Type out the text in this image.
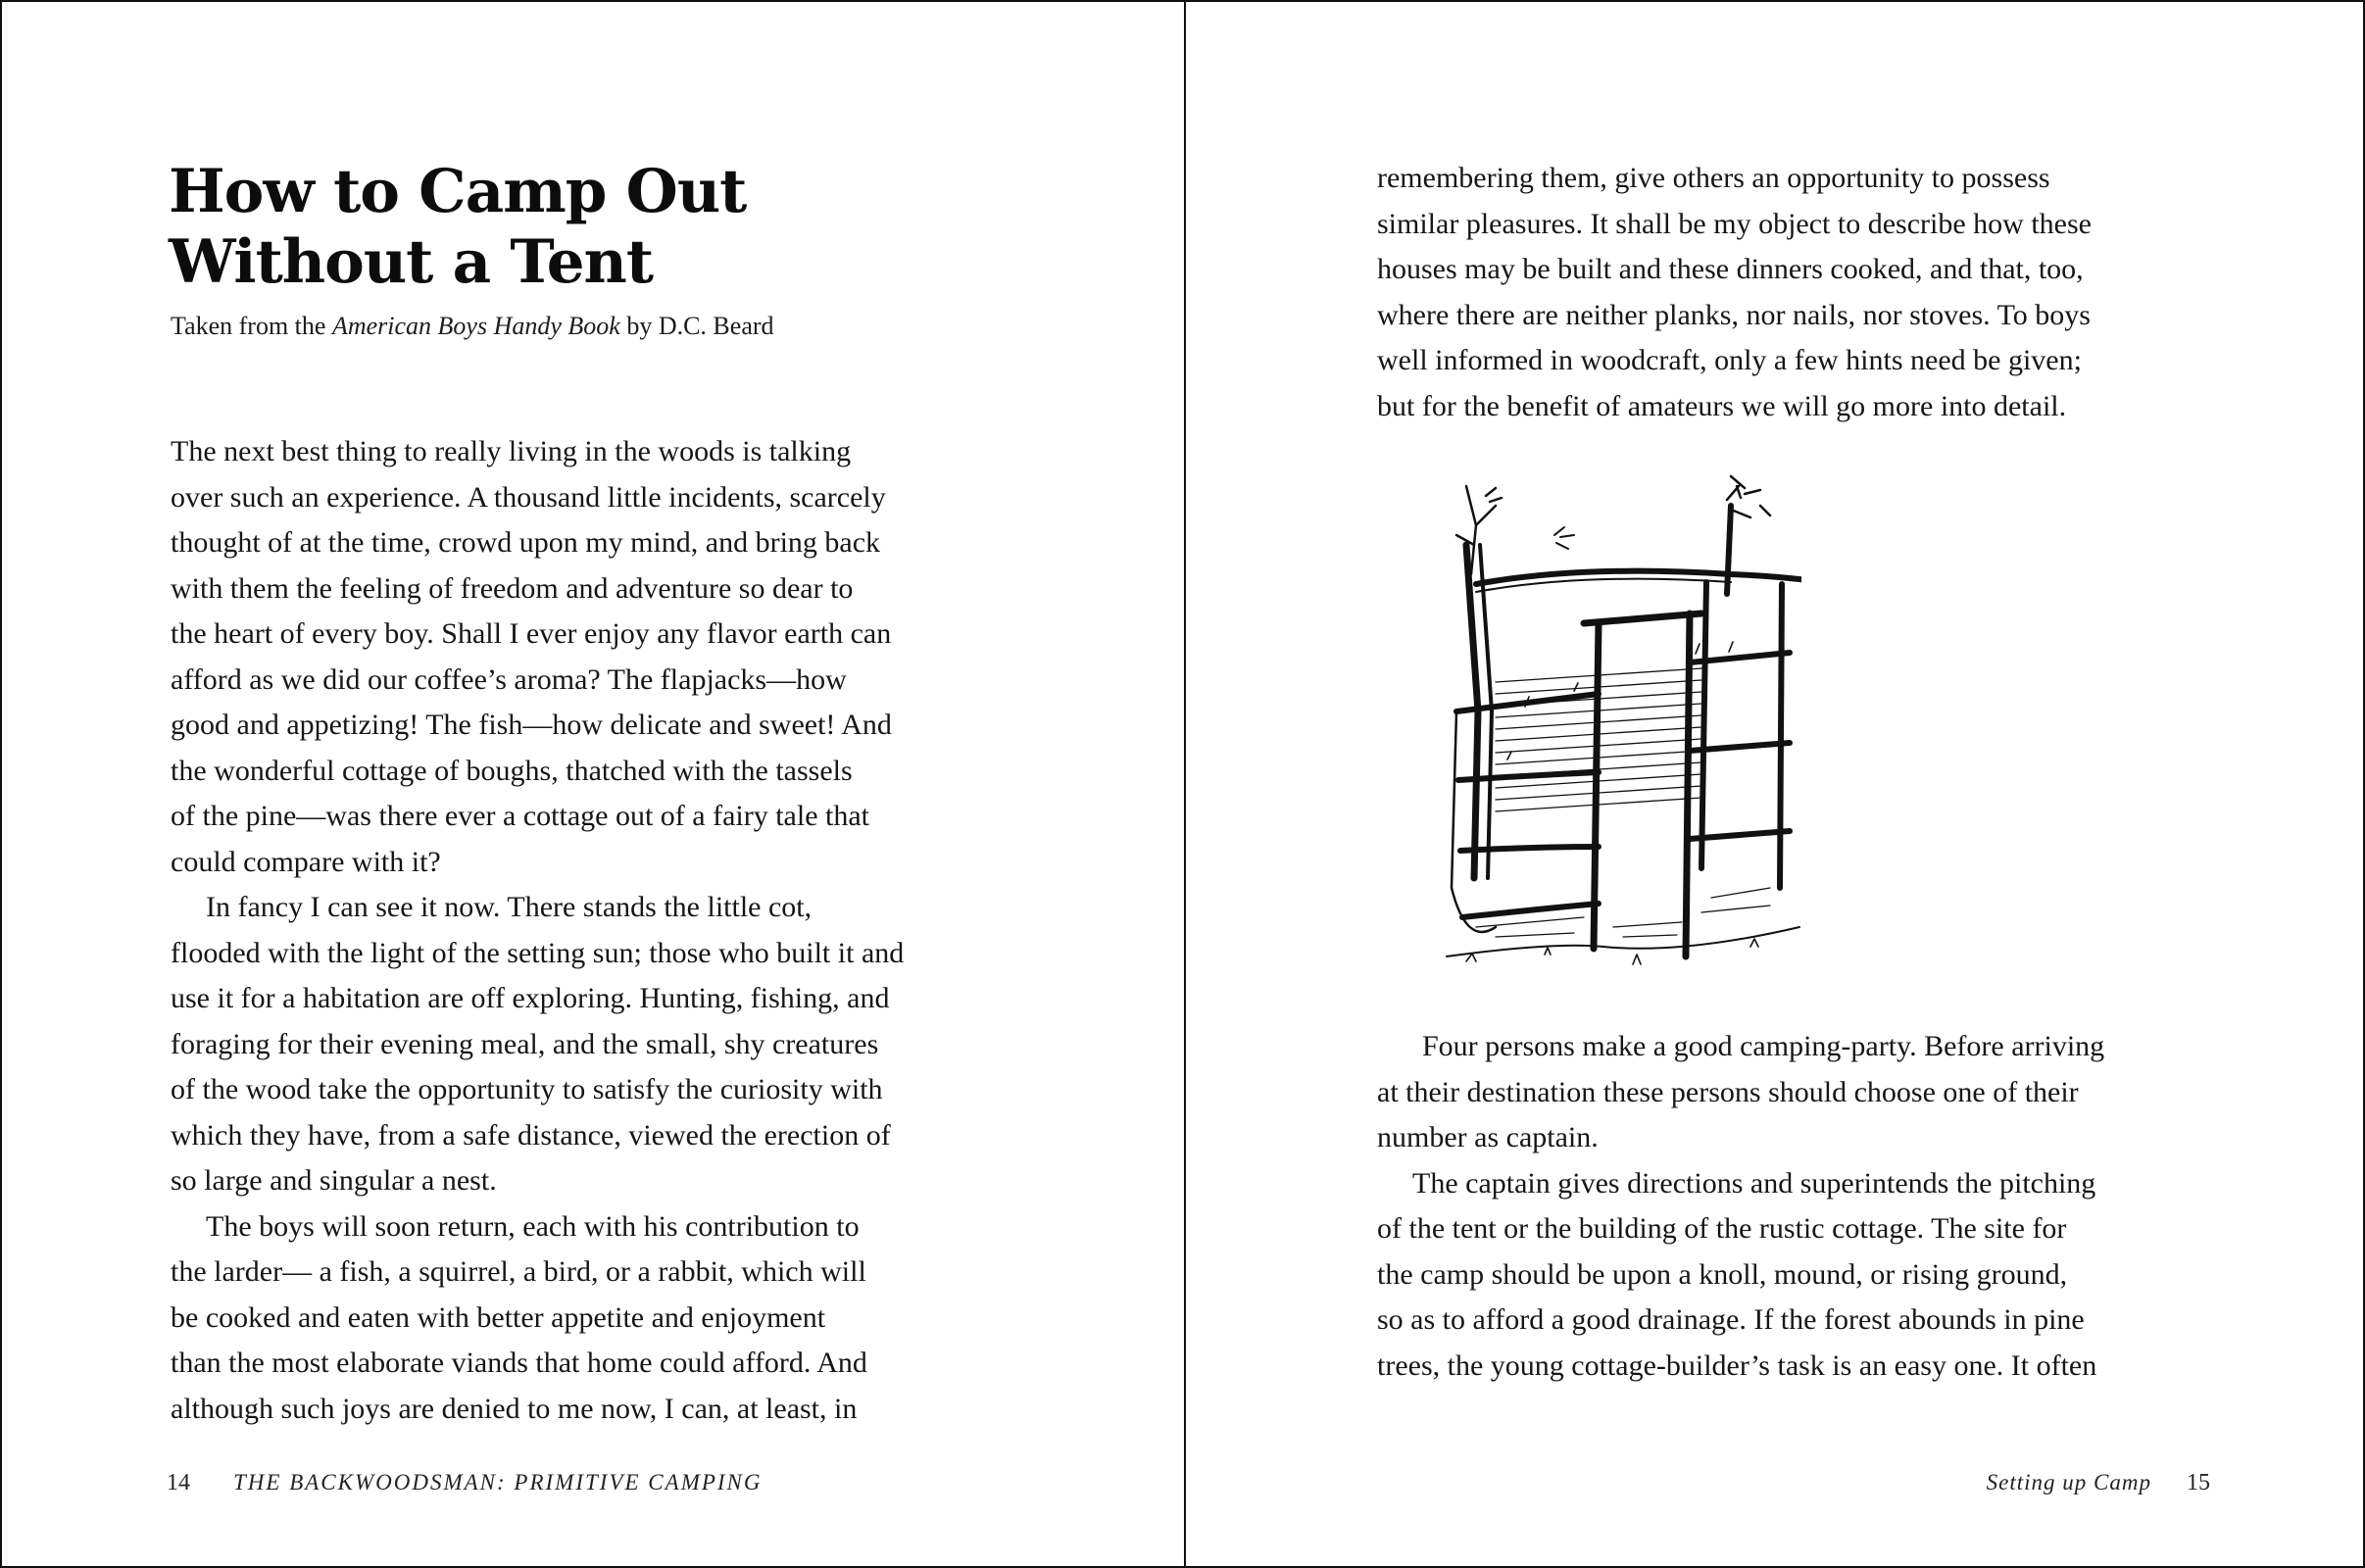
How to Camp Out
Without a Tent
Taken from the American Boys Handy Book by D.C. Beard
The next best thing to really living in the woods is talking
over such an experience. A thousand little incidents, scarcely
thought of at the time, crowd upon my mind, and bring back
with them the feeling of freedom and adventure so dear to
the heart of every boy. Shall I ever enjoy any flavor earth can
afford as we did our coffee’s aroma? The flapjacks—how
good and appetizing! The fish—how delicate and sweet! And
the wonderful cottage of boughs, thatched with the tassels
of the pine—was there ever a cottage out of a fairy tale that
could compare with it?
In fancy I can see it now. There stands the little cot,
flooded with the light of the setting sun; those who built it and
use it for a habitation are off exploring. Hunting, fishing, and
foraging for their evening meal, and the small, shy creatures
of the wood take the opportunity to satisfy the curiosity with
which they have, from a safe distance, viewed the erection of
so large and singular a nest.
The boys will soon return, each with his contribution to
the larder— a fish, a squirrel, a bird, or a rabbit, which will
be cooked and eaten with better appetite and enjoyment
than the most elaborate viands that home could afford. And
although such joys are denied to me now, I can, at least, in
14 THE BACKWOODSMAN: PRIMITIVE CAMPING
remembering them, give others an opportunity to possess
similar pleasures. It shall be my object to describe how these
houses may be built and these dinners cooked, and that, too,
where there are neither planks, nor nails, nor stoves. To boys
well informed in woodcraft, only a few hints need be given;
but for the benefit of amateurs we will go more into detail.
Four persons make a good camping-party. Before arriving
at their destination these persons should choose one of their
number as captain.
The captain gives directions and superintends the pitching
of the tent or the building of the rustic cottage. The site for
the camp should be upon a knoll, mound, or rising ground,
so as to afford a good drainage. If the forest abounds in pine
trees, the young cottage-builder’s task is an easy one. It often
Setting up Camp 15
